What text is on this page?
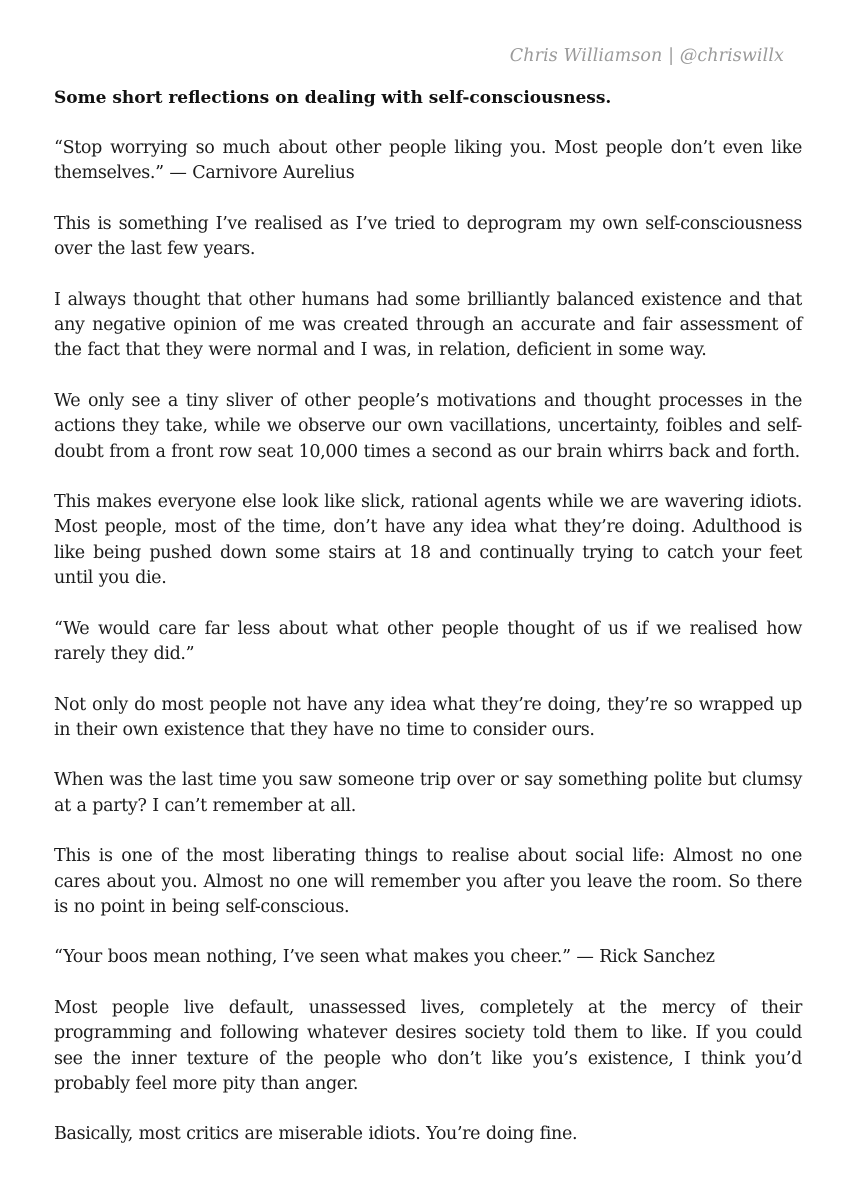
Chris Williamson | @chriswillx
Some short reflections on dealing with self-consciousness.

“Stop worrying so much about other people liking you. Most people don’t even like themselves.” — Carnivore Aurelius

This is something I’ve realised as I’ve tried to deprogram my own self-consciousness over the last few years.

I always thought that other humans had some brilliantly balanced existence and that any negative opinion of me was created through an accurate and fair assessment of the fact that they were normal and I was, in relation, deficient in some way.

We only see a tiny sliver of other people’s motivations and thought processes in the actions they take, while we observe our own vacillations, uncertainty, foibles and self-doubt from a front row seat 10,000 times a second as our brain whirrs back and forth.

This makes everyone else look like slick, rational agents while we are wavering idiots. Most people, most of the time, don’t have any idea what they’re doing. Adulthood is like being pushed down some stairs at 18 and continually trying to catch your feet until you die.

“We would care far less about what other people thought of us if we realised how rarely they did.”

Not only do most people not have any idea what they’re doing, they’re so wrapped up in their own existence that they have no time to consider ours.

When was the last time you saw someone trip over or say something polite but clumsy at a party? I can’t remember at all.

This is one of the most liberating things to realise about social life: Almost no one cares about you. Almost no one will remember you after you leave the room. So there is no point in being self-conscious.

“Your boos mean nothing, I’ve seen what makes you cheer.” — Rick Sanchez

Most people live default, unassessed lives, completely at the mercy of their programming and following whatever desires society told them to like. If you could see the inner texture of the people who don’t like you’s existence, I think you’d probably feel more pity than anger.

Basically, most critics are miserable idiots. You’re doing fine.
